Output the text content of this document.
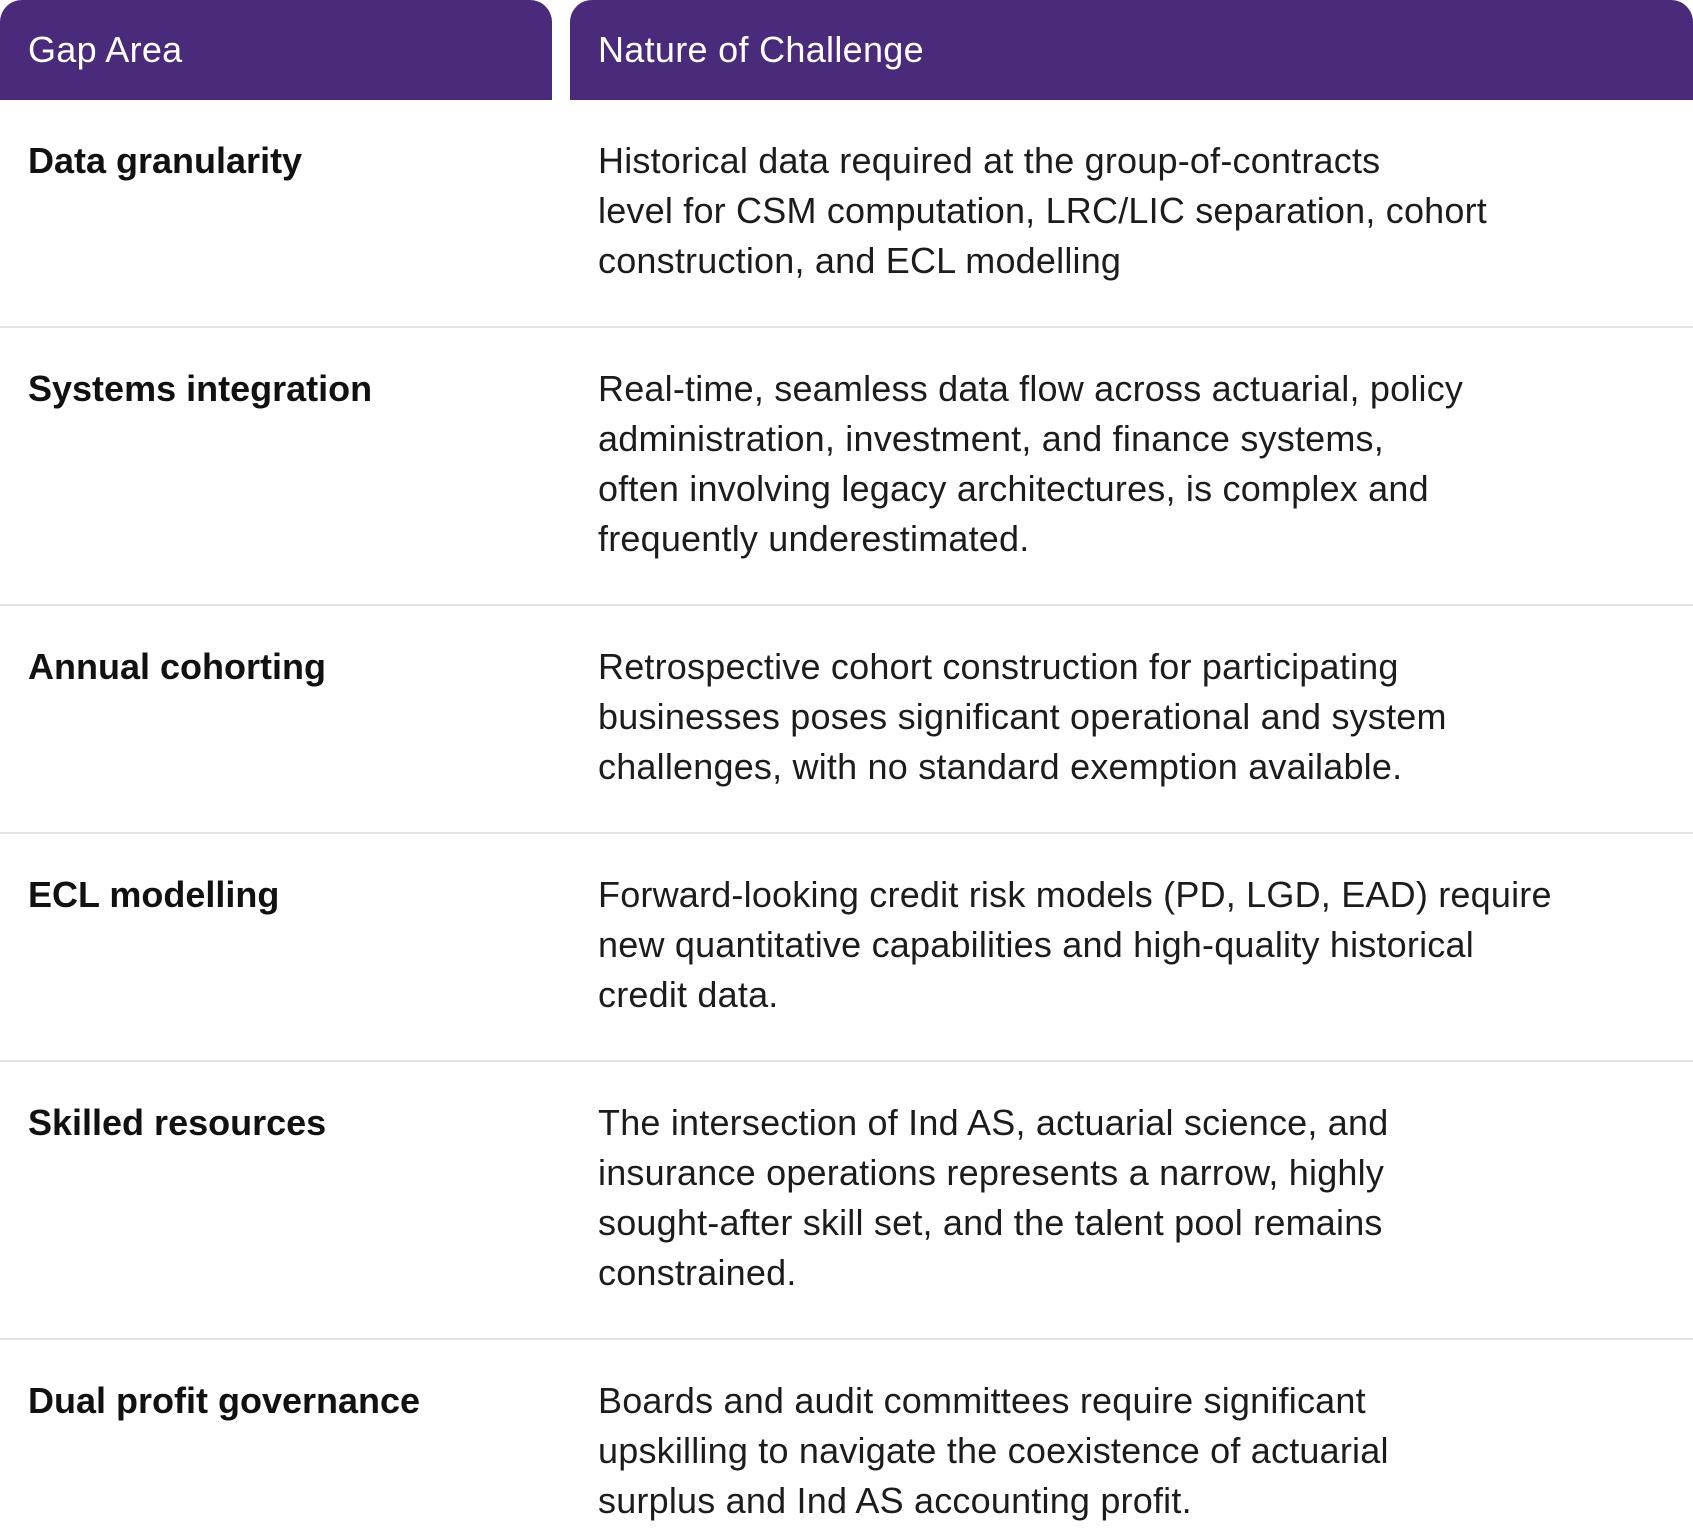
Gap Area	Nature of Challenge
Data granularity	Historical data required at the group-of-contracts
level for CSM computation, LRC/LIC separation, cohort
construction, and ECL modelling
Systems integration	Real-time, seamless data flow across actuarial, policy
administration, investment, and finance systems,
often involving legacy architectures, is complex and
frequently underestimated.
Annual cohorting	Retrospective cohort construction for participating
businesses poses significant operational and system
challenges, with no standard exemption available.
ECL modelling	Forward-looking credit risk models (PD, LGD, EAD) require
new quantitative capabilities and high-quality historical
credit data.
Skilled resources	The intersection of Ind AS, actuarial science, and
insurance operations represents a narrow, highly
sought-after skill set, and the talent pool remains
constrained.
Dual profit governance	Boards and audit committees require significant
upskilling to navigate the coexistence of actuarial
surplus and Ind AS accounting profit.
